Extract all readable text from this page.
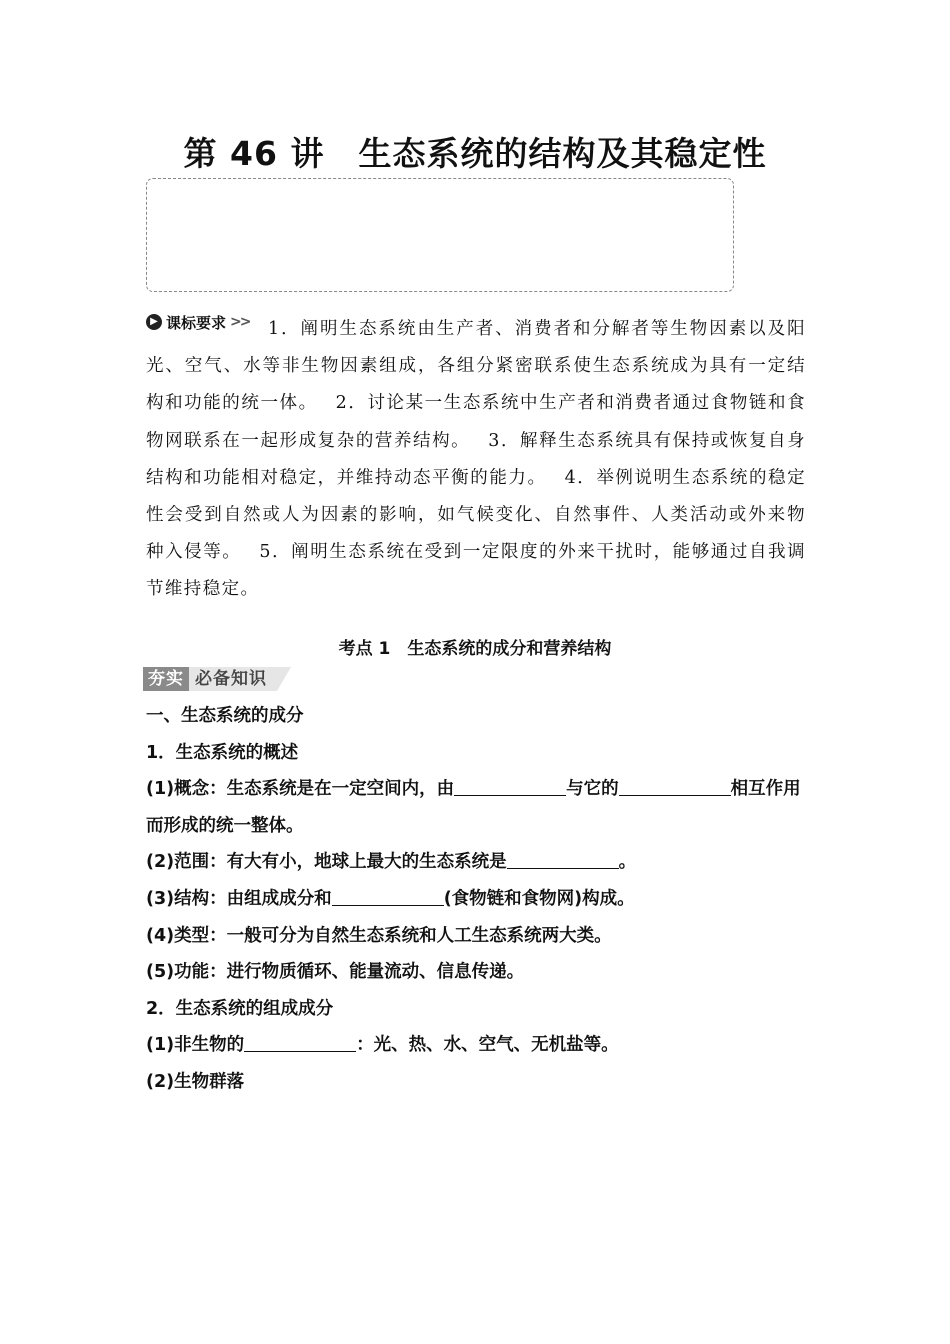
第 46 讲　生态系统的结构及其稳定性
1．阐明生态系统由生产者、消费者和分解者等生物因素以及阳光、空气、水等非生物因素组成，各组分紧密联系使生态系统成为具有一定结构和功能的统一体。 2．讨论某一生态系统中生产者和消费者通过食物链和食物网联系在一起形成复杂的营养结构。 3．解释生态系统具有保持或恢复自身结构和功能相对稳定，并维持动态平衡的能力。 4．举例说明生态系统的稳定性会受到自然或人为因素的影响，如气候变化、自然事件、人类活动或外来物种入侵等。 5．阐明生态系统在受到一定限度的外来干扰时，能够通过自我调节维持稳定。
▶ 课标要求 >>
考点 1　生态系统的成分和营养结构
夯实 必备知识

一、生态系统的成分

1．生态系统的概述

(1)概念：生态系统是在一定空间内，由	与它的	相互作用而形成的统一整体。

(2)范围：有大有小，地球上最大的生态系统是	。

(3)结构：由组成成分和	(食物链和食物网)构成。

(4)类型：一般可分为自然生态系统和人工生态系统两大类。

(5)功能：进行物质循环、能量流动、信息传递。

2．生态系统的组成成分

(1)非生物的	：光、热、水、空气、无机盐等。

(2)生物群落
